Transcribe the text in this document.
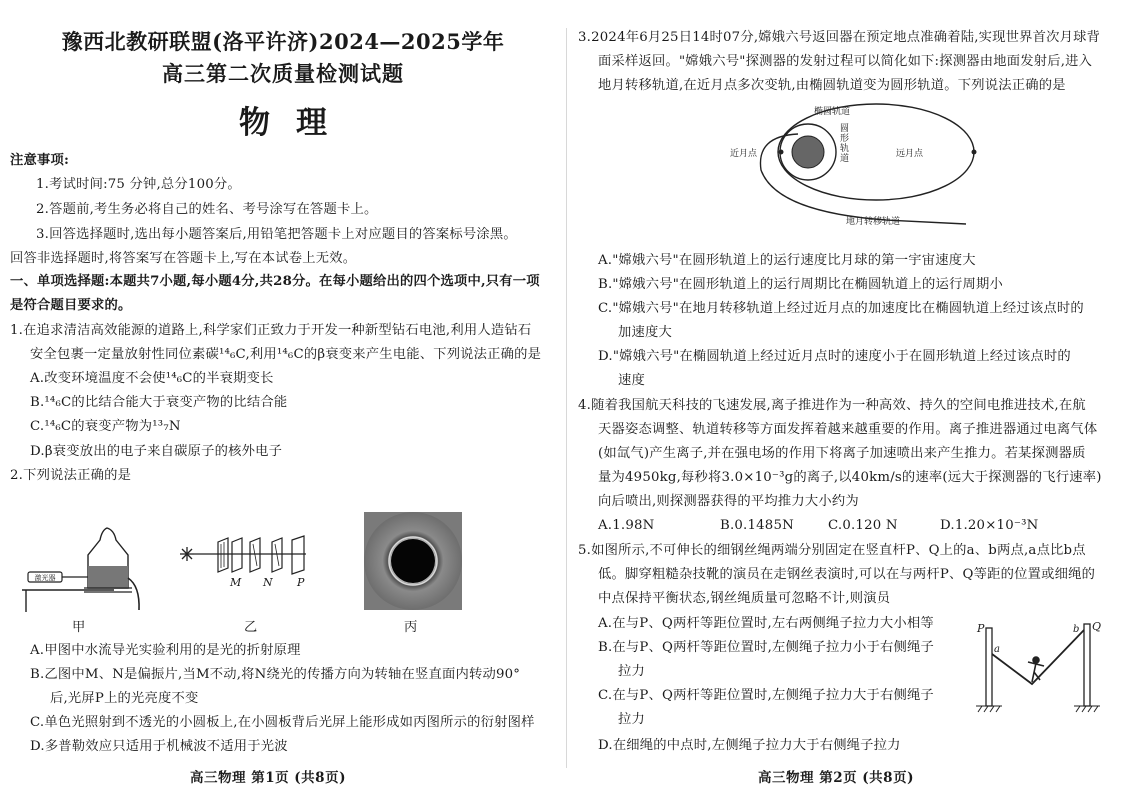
豫西北教研联盟(洛平许济)2024—2025学年
高三第二次质量检测试题
物理
注意事项:
1.考试时间:75 分钟,总分100分。
2.答题前,考生务必将自己的姓名、考号涂写在答题卡上。
3.回答选择题时,选出每小题答案后,用铅笔把答题卡上对应题目的答案标号涂黑。
回答非选择题时,将答案写在答题卡上,写在本试卷上无效。
一、单项选择题:本题共7小题,每小题4分,共28分。在每小题给出的四个选项中,只有一项
是符合题目要求的。
1.在追求清洁高效能源的道路上,科学家们正致力于开发一种新型钻石电池,利用人造钻石
安全包裹一定量放射性同位素碳¹⁴₆C,利用¹⁴₆C的β衰变来产生电能、下列说法正确的是
A.改变环境温度不会使¹⁴₆C的半衰期变长
B.¹⁴₆C的比结合能大于衰变产物的比结合能
C.¹⁴₆C的衰变产物为¹³₇N
D.β衰变放出的电子来自碳原子的核外电子
2.下列说法正确的是
激光器	M N P
甲	乙	丙
A.甲图中水流导光实验利用的是光的折射原理
B.乙图中M、N是偏振片,当M不动,将N绕光的传播方向为转轴在竖直面内转动90°
后,光屏P上的光亮度不变
C.单色光照射到不透光的小圆板上,在小圆板背后光屏上能形成如丙图所示的衍射图样
D.多普勒效应只适用于机械波不适用于光波
高三物理 第1页 (共8页)
3.2024年6月25日14时07分,嫦娥六号返回器在预定地点准确着陆,实现世界首次月球背
面采样返回。"嫦娥六号"探测器的发射过程可以简化如下:探测器由地面发射后,进入
地月转移轨道,在近月点多次变轨,由椭圆轨道变为圆形轨道。下列说法正确的是
椭圆轨道
近月点	远月点
地月转移轨道
圆形轨道
A."嫦娥六号"在圆形轨道上的运行速度比月球的第一宇宙速度大
B."嫦娥六号"在圆形轨道上的运行周期比在椭圆轨道上的运行周期小
C."嫦娥六号"在地月转移轨道上经过近月点的加速度比在椭圆轨道上经过该点时的
加速度大
D."嫦娥六号"在椭圆轨道上经过近月点时的速度小于在圆形轨道上经过该点时的
速度
4.随着我国航天科技的飞速发展,离子推进作为一种高效、持久的空间电推进技术,在航
天器姿态调整、轨道转移等方面发挥着越来越重要的作用。离子推进器通过电离气体
(如氙气)产生离子,并在强电场的作用下将离子加速喷出来产生推力。若某探测器质
量为4950kg,每秒将3.0×10⁻³g的离子,以40km/s的速率(远大于探测器的飞行速率)
向后喷出,则探测器获得的平均推力大小约为
A.1.98N	B.0.1485N	C.0.120 N	D.1.20×10⁻³N
5.如图所示,不可伸长的细钢丝绳两端分别固定在竖直杆P、Q上的a、b两点,a点比b点
低。脚穿粗糙杂技靴的演员在走钢丝表演时,可以在与两杆P、Q等距的位置或细绳的
中点保持平衡状态,钢丝绳质量可忽略不计,则演员
A.在与P、Q两杆等距位置时,左右两侧绳子拉力大小相等
B.在与P、Q两杆等距位置时,左侧绳子拉力小于右侧绳子
拉力
C.在与P、Q两杆等距位置时,左侧绳子拉力大于右侧绳子
拉力
D.在细绳的中点时,左侧绳子拉力大于右侧绳子拉力
P	Q
a
b
高三物理 第2页 (共8页)
